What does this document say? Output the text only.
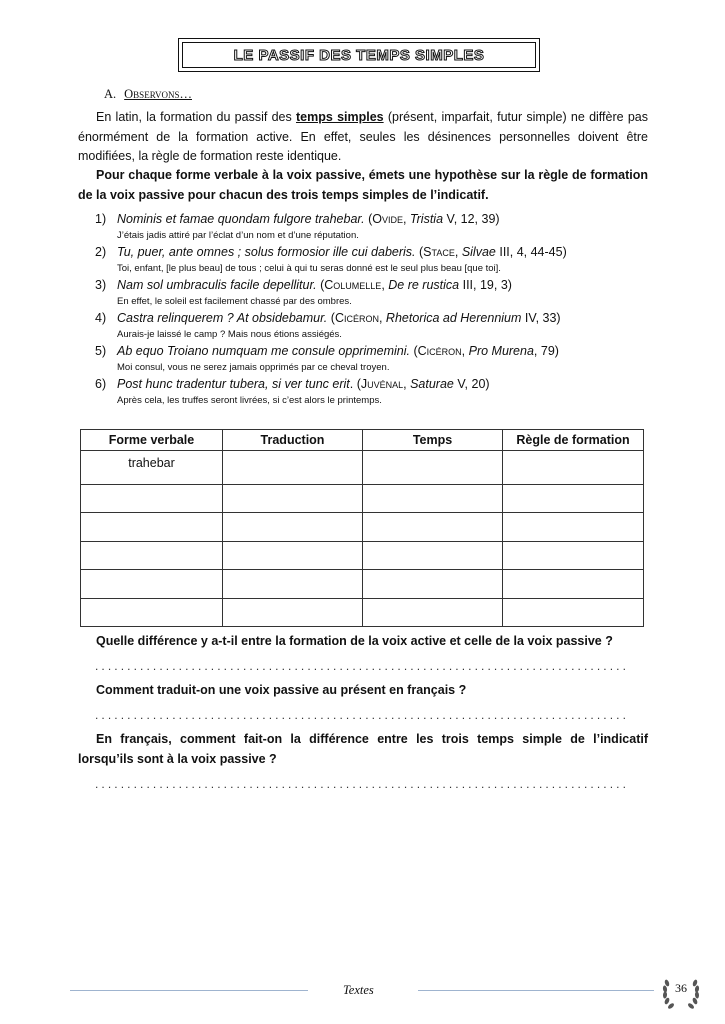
LE PASSIF DES TEMPS SIMPLES
A. Observons…
En latin, la formation du passif des temps simples (présent, imparfait, futur simple) ne diffère pas énormément de la formation active. En effet, seules les désinences personnelles doivent être modifiées, la règle de formation reste identique.
Pour chaque forme verbale à la voix passive, émets une hypothèse sur la règle de formation de la voix passive pour chacun des trois temps simples de l’indicatif.
1) Nominis et famae quondam fulgore trahebar. (Ovide, Tristia V, 12, 39)
J’étais jadis attiré par l’éclat d’un nom et d’une réputation.
2) Tu, puer, ante omnes ; solus formosior ille cui daberis. (Stace, Silvae III, 4, 44-45)
Toi, enfant, [le plus beau] de tous ; celui à qui tu seras donné est le seul plus beau [que toi].
3) Nam sol umbraculis facile depellitur. (Columelle, De re rustica III, 19, 3)
En effet, le soleil est facilement chassé par des ombres.
4) Castra relinquerem ? At obsidebamur. (Cicéron, Rhetorica ad Herennium IV, 33)
Aurais-je laissé le camp ? Mais nous étions assiégés.
5) Ab equo Troiano numquam me consule opprimemini. (Cicéron, Pro Murena, 79)
Moi consul, vous ne serez jamais opprimés par ce cheval troyen.
6) Post hunc tradentur tubera, si ver tunc erit. (Juvénal, Saturae V, 20)
Après cela, les truffes seront livrées, si c’est alors le printemps.
Forme verbale	Traduction	Temps	Règle de formation
trahebar			

Quelle différence y a-t-il entre la formation de la voix active et celle de la voix passive ?
...................................................................................
Comment traduit-on une voix passive au présent en français ?
...................................................................................
En français, comment fait-on la différence entre les trois temps simple de l’indicatif lorsqu’ils sont à la voix passive ?
...................................................................................
Textes	36
